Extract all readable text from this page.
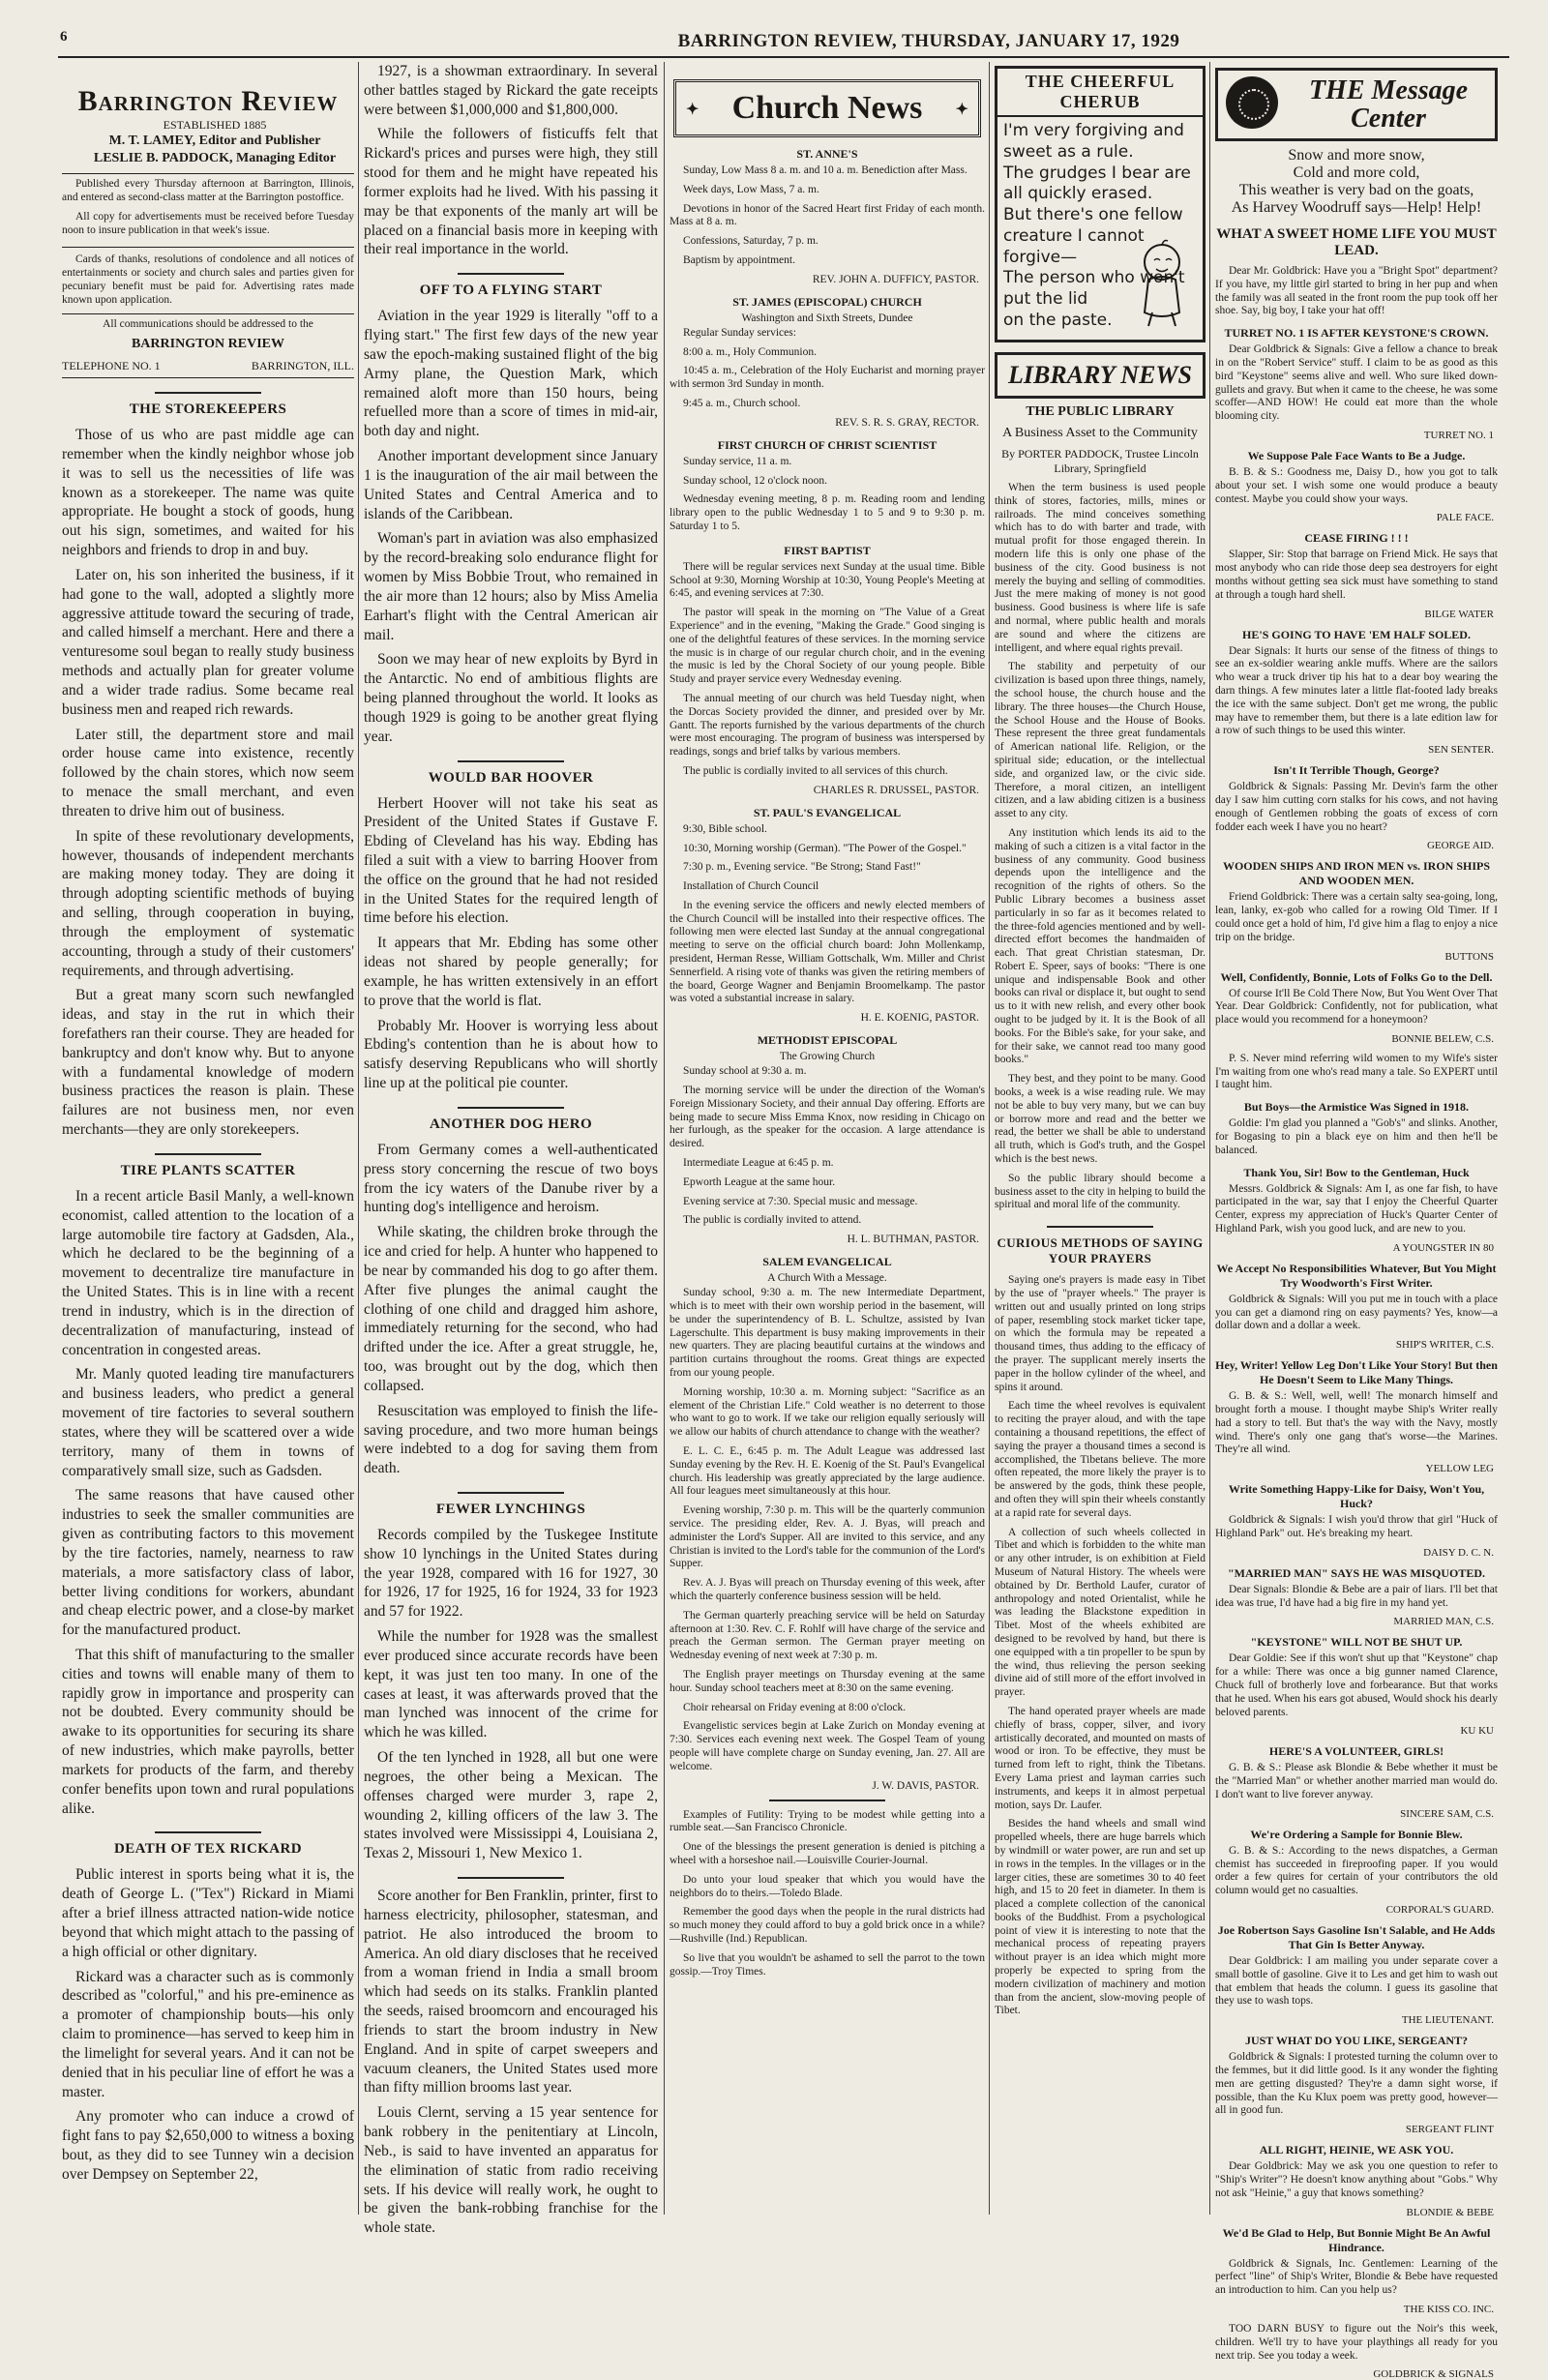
6	BARRINGTON REVIEW, THURSDAY, JANUARY 17, 1929
Barrington Review

ESTABLISHED 1885

M. T. LAMEY, Editor and Publisher

LESLIE B. PADDOCK, Managing Editor

Published every Thursday afternoon at Barrington, Illinois, and entered as second-class matter at the Barrington postoffice.

All copy for advertisements must be received before Tuesday noon to insure publication in that week's issue.

Cards of thanks, resolutions of condolence and all notices of entertainments or society and church sales and parties given for pecuniary benefit must be paid for. Advertising rates made known upon application.

All communications should be addressed to the

BARRINGTON REVIEW

TELEPHONE NO. 1	BARRINGTON, ILL.
THE STOREKEEPERS

Those of us who are past middle age can remember when the kindly neighbor whose job it was to sell us the necessities of life was known as a storekeeper. The name was quite appropriate. He bought a stock of goods, hung out his sign, sometimes, and waited for his neighbors and friends to drop in and buy.

Later on, his son inherited the business, if it had gone to the wall, adopted a slightly more aggressive attitude toward the securing of trade, and called himself a merchant. Here and there a venturesome soul began to really study business methods and actually plan for greater volume and a wider trade radius. Some became real business men and reaped rich rewards.

Later still, the department store and mail order house came into existence, recently followed by the chain stores, which now seem to menace the small merchant, and even threaten to drive him out of business.

In spite of these revolutionary developments, however, thousands of independent merchants are making money today. They are doing it through adopting scientific methods of buying and selling, through cooperation in buying, through the employment of systematic accounting, through a study of their customers' requirements, and through advertising.

But a great many scorn such newfangled ideas, and stay in the rut in which their forefathers ran their course. They are headed for bankruptcy and don't know why. But to anyone with a fundamental knowledge of modern business practices the reason is plain. These failures are not business men, nor even merchants—they are only storekeepers.

TIRE PLANTS SCATTER

In a recent article Basil Manly, a well-known economist, called attention to the location of a large automobile tire factory at Gadsden, Ala., which he declared to be the beginning of a movement to decentralize tire manufacture in the United States. This is in line with a recent trend in industry, which is in the direction of decentralization of manufacturing, instead of concentration in congested areas.

Mr. Manly quoted leading tire manufacturers and business leaders, who predict a general movement of tire factories to several southern states, where they will be scattered over a wide territory, many of them in towns of comparatively small size, such as Gadsden.

The same reasons that have caused other industries to seek the smaller communities are given as contributing factors to this movement by the tire factories, namely, nearness to raw materials, a more satisfactory class of labor, better living conditions for workers, abundant and cheap electric power, and a close-by market for the manufactured product.

That this shift of manufacturing to the smaller cities and towns will enable many of them to rapidly grow in importance and prosperity can not be doubted. Every community should be awake to its opportunities for securing its share of new industries, which make payrolls, better markets for products of the farm, and thereby confer benefits upon town and rural populations alike.

DEATH OF TEX RICKARD

Public interest in sports being what it is, the death of George L. ("Tex") Rickard in Miami after a brief illness attracted nation-wide notice beyond that which might attach to the passing of a high official or other dignitary.

Rickard was a character such as is commonly described as "colorful," and his pre-eminence as a promoter of championship bouts—his only claim to prominence—has served to keep him in the limelight for several years. And it can not be denied that in his peculiar line of effort he was a master.

Any promoter who can induce a crowd of fight fans to pay $2,650,000 to witness a boxing bout, as they did to see Tunney win a decision over Dempsey on September 22,

1927, is a showman extraordinary. In several other battles staged by Rickard the gate receipts were between $1,000,000 and $1,800,000.

While the followers of fisticuffs felt that Rickard's prices and purses were high, they still stood for them and he might have repeated his former exploits had he lived. With his passing it may be that exponents of the manly art will be placed on a financial basis more in keeping with their real importance in the world.

OFF TO A FLYING START

Aviation in the year 1929 is literally "off to a flying start." The first few days of the new year saw the epoch-making sustained flight of the big Army plane, the Question Mark, which remained aloft more than 150 hours, being refuelled more than a score of times in mid-air, both day and night.

Another important development since January 1 is the inauguration of the air mail between the United States and Central America and to islands of the Caribbean.

Woman's part in aviation was also emphasized by the record-breaking solo endurance flight for women by Miss Bobbie Trout, who remained in the air more than 12 hours; also by Miss Amelia Earhart's flight with the Central American air mail.

Soon we may hear of new exploits by Byrd in the Antarctic. No end of ambitious flights are being planned throughout the world. It looks as though 1929 is going to be another great flying year.

WOULD BAR HOOVER

Herbert Hoover will not take his seat as President of the United States if Gustave F. Ebding of Cleveland has his way. Ebding has filed a suit with a view to barring Hoover from the office on the ground that he had not resided in the United States for the required length of time before his election.

It appears that Mr. Ebding has some other ideas not shared by people generally; for example, he has written extensively in an effort to prove that the world is flat.

Probably Mr. Hoover is worrying less about Ebding's contention than he is about how to satisfy deserving Republicans who will shortly line up at the political pie counter.

ANOTHER DOG HERO

From Germany comes a well-authenticated press story concerning the rescue of two boys from the icy waters of the Danube river by a hunting dog's intelligence and heroism.

While skating, the children broke through the ice and cried for help. A hunter who happened to be near by commanded his dog to go after them. After five plunges the animal caught the clothing of one child and dragged him ashore, immediately returning for the second, who had drifted under the ice. After a great struggle, he, too, was brought out by the dog, which then collapsed.

Resuscitation was employed to finish the life-saving procedure, and two more human beings were indebted to a dog for saving them from death.

FEWER LYNCHINGS

Records compiled by the Tuskegee Institute show 10 lynchings in the United States during the year 1928, compared with 16 for 1927, 30 for 1926, 17 for 1925, 16 for 1924, 33 for 1923 and 57 for 1922.

While the number for 1928 was the smallest ever produced since accurate records have been kept, it was just ten too many. In one of the cases at least, it was afterwards proved that the man lynched was innocent of the crime for which he was killed.

Of the ten lynched in 1928, all but one were negroes, the other being a Mexican. The offenses charged were murder 3, rape 2, wounding 2, killing officers of the law 3. The states involved were Mississippi 4, Louisiana 2, Texas 2, Missouri 1, New Mexico 1.

Score another for Ben Franklin, printer, first to harness electricity, philosopher, statesman, and patriot. He also introduced the broom to America. An old diary discloses that he received from a woman friend in India a small broom which had seeds on its stalks. Franklin planted the seeds, raised broomcorn and encouraged his friends to start the broom industry in New England. And in spite of carpet sweepers and vacuum cleaners, the United States used more than fifty million brooms last year.

Louis Clernt, serving a 15 year sentence for bank robbery in the penitentiary at Lincoln, Neb., is said to have invented an apparatus for the elimination of static from radio receiving sets. If his device will really work, he ought to be given the bank-robbing franchise for the whole state.

✦ Church News ✦
ST. ANNE'S

Sunday, Low Mass 8 a. m. and 10 a. m. Benediction after Mass.

Week days, Low Mass, 7 a. m.

Devotions in honor of the Sacred Heart first Friday of each month. Mass at 8 a. m.

Confessions, Saturday, 7 p. m.

Baptism by appointment.

REV. JOHN A. DUFFICY, PASTOR.
ST. JAMES (EPISCOPAL) CHURCH
Washington and Sixth Streets, Dundee

Regular Sunday services:

8:00 a. m., Holy Communion.

10:45 a. m., Celebration of the Holy Eucharist and morning prayer with sermon 3rd Sunday in month.

9:45 a. m., Church school.

REV. S. R. S. GRAY, RECTOR.
FIRST CHURCH OF CHRIST SCIENTIST

Sunday service, 11 a. m.

Sunday school, 12 o'clock noon.

Wednesday evening meeting, 8 p. m. Reading room and lending library open to the public Wednesday 1 to 5 and 9 to 9:30 p. m. Saturday 1 to 5.

FIRST BAPTIST

There will be regular services next Sunday at the usual time. Bible School at 9:30, Morning Worship at 10:30, Young People's Meeting at 6:45, and evening services at 7:30.

The pastor will speak in the morning on "The Value of a Great Experience" and in the evening, "Making the Grade." Good singing is one of the delightful features of these services. In the morning service the music is in charge of our regular church choir, and in the evening the music is led by the Choral Society of our young people. Bible Study and prayer service every Wednesday evening.

The annual meeting of our church was held Tuesday night, when the Dorcas Society provided the dinner, and presided over by Mr. Gantt. The reports furnished by the various departments of the church were most encouraging. The program of business was interspersed by readings, songs and brief talks by various members.

The public is cordially invited to all services of this church.

CHARLES R. DRUSSEL, PASTOR.
ST. PAUL'S EVANGELICAL

9:30, Bible school.

10:30, Morning worship (German). "The Power of the Gospel."

7:30 p. m., Evening service. "Be Strong; Stand Fast!"

Installation of Church Council

In the evening service the officers and newly elected members of the Church Council will be installed into their respective offices. The following men were elected last Sunday at the annual congregational meeting to serve on the official church board: John Mollenkamp, president, Herman Resse, William Gottschalk, Wm. Miller and Christ Sennerfield. A rising vote of thanks was given the retiring members of the board, George Wagner and Benjamin Broomelkamp. The pastor was voted a substantial increase in salary.

H. E. KOENIG, PASTOR.
METHODIST EPISCOPAL
The Growing Church

Sunday school at 9:30 a. m.

The morning service will be under the direction of the Woman's Foreign Missionary Society, and their annual Day offering. Efforts are being made to secure Miss Emma Knox, now residing in Chicago on her furlough, as the speaker for the occasion. A large attendance is desired.

Intermediate League at 6:45 p. m.

Epworth League at the same hour.

Evening service at 7:30. Special music and message.

The public is cordially invited to attend.

H. L. BUTHMAN, PASTOR.
SALEM EVANGELICAL
A Church With a Message.

Sunday school, 9:30 a. m. The new Intermediate Department, which is to meet with their own worship period in the basement, will be under the superintendency of B. L. Schultze, assisted by Ivan Lagerschulte. This department is busy making improvements in their new quarters. They are placing beautiful curtains at the windows and partition curtains throughout the rooms. Great things are expected from our young people.

Morning worship, 10:30 a. m. Morning subject: "Sacrifice as an element of the Christian Life." Cold weather is no deterrent to those who want to go to work. If we take our religion equally seriously will we allow our habits of church attendance to change with the weather?

E. L. C. E., 6:45 p. m. The Adult League was addressed last Sunday evening by the Rev. H. E. Koenig of the St. Paul's Evangelical church. His leadership was greatly appreciated by the large audience. All four leagues meet simultaneously at this hour.

Evening worship, 7:30 p. m. This will be the quarterly communion service. The presiding elder, Rev. A. J. Byas, will preach and administer the Lord's Supper. All are invited to this service, and any Christian is invited to the Lord's table for the communion of the Lord's Supper.

Rev. A. J. Byas will preach on Thursday evening of this week, after which the quarterly conference business session will be held.

The German quarterly preaching service will be held on Saturday afternoon at 1:30. Rev. C. F. Rohlf will have charge of the service and preach the German sermon. The German prayer meeting on Wednesday evening of next week at 7:30 p. m.

The English prayer meetings on Thursday evening at the same hour. Sunday school teachers meet at 8:30 on the same evening.

Choir rehearsal on Friday evening at 8:00 o'clock.

Evangelistic services begin at Lake Zurich on Monday evening at 7:30. Services each evening next week. The Gospel Team of young people will have complete charge on Sunday evening, Jan. 27. All are welcome.

J. W. DAVIS, PASTOR.

Examples of Futility: Trying to be modest while getting into a rumble seat.—San Francisco Chronicle.

One of the blessings the present generation is denied is pitching a wheel with a horseshoe nail.—Louisville Courier-Journal.

Do unto your loud speaker that which you would have the neighbors do to theirs.—Toledo Blade.

Remember the good days when the people in the rural districts had so much money they could afford to buy a gold brick once in a while?—Rushville (Ind.) Republican.

So live that you wouldn't be ashamed to sell the parrot to the town gossip.—Troy Times.

THE CHEERFUL CHERUB
I'm very forgiving and
sweet as a rule.
The grudges I bear are
all quickly erased.
But there's one fellow
creature I cannot
forgive—
The person who won't
put the lid
on the paste.
LIBRARY NEWS
THE PUBLIC LIBRARY
A Business Asset to the Community
By PORTER PADDOCK, Trustee Lincoln Library, Springfield

When the term business is used people think of stores, factories, mills, mines or railroads. The mind conceives something which has to do with barter and trade, with mutual profit for those engaged therein. In modern life this is only one phase of the business of the city. Good business is not merely the buying and selling of commodities. Just the mere making of money is not good business. Good business is where life is safe and normal, where public health and morals are sound and where the citizens are intelligent, and where equal rights prevail.

The stability and perpetuity of our civilization is based upon three things, namely, the school house, the church house and the library. The three houses—the Church House, the School House and the House of Books. These represent the three great fundamentals of American national life. Religion, or the spiritual side; education, or the intellectual side, and organized law, or the civic side. Therefore, a moral citizen, an intelligent citizen, and a law abiding citizen is a business asset to any city.

Any institution which lends its aid to the making of such a citizen is a vital factor in the business of any community. Good business depends upon the intelligence and the recognition of the rights of others. So the Public Library becomes a business asset particularly in so far as it becomes related to the three-fold agencies mentioned and by well-directed effort becomes the handmaiden of each. That great Christian statesman, Dr. Robert E. Speer, says of books: "There is one unique and indispensable Book and other books can rival or displace it, but ought to send us to it with new relish, and every other book ought to be judged by it. It is the Book of all books. For the Bible's sake, for your sake, and for their sake, we cannot read too many good books."

They best, and they point to be many. Good books, a week is a wise reading rule. We may not be able to buy very many, but we can buy or borrow more and read and the better we read, the better we shall be able to understand all truth, which is God's truth, and the Gospel which is the best news.

So the public library should become a business asset to the city in helping to build the spiritual and moral life of the community.

CURIOUS METHODS OF SAYING YOUR PRAYERS

Saying one's prayers is made easy in Tibet by the use of "prayer wheels." The prayer is written out and usually printed on long strips of paper, resembling stock market ticker tape, on which the formula may be repeated a thousand times, thus adding to the efficacy of the prayer. The supplicant merely inserts the paper in the hollow cylinder of the wheel, and spins it around.

Each time the wheel revolves is equivalent to reciting the prayer aloud, and with the tape containing a thousand repetitions, the effect of saying the prayer a thousand times a second is accomplished, the Tibetans believe. The more often repeated, the more likely the prayer is to be answered by the gods, think these people, and often they will spin their wheels constantly at a rapid rate for several days.

A collection of such wheels collected in Tibet and which is forbidden to the white man or any other intruder, is on exhibition at Field Museum of Natural History. The wheels were obtained by Dr. Berthold Laufer, curator of anthropology and noted Orientalist, while he was leading the Blackstone expedition in Tibet. Most of the wheels exhibited are designed to be revolved by hand, but there is one equipped with a tin propeller to be spun by the wind, thus relieving the person seeking divine aid of still more of the effort involved in prayer.

The hand operated prayer wheels are made chiefly of brass, copper, silver, and ivory artistically decorated, and mounted on masts of wood or iron. To be effective, they must be turned from left to right, think the Tibetans. Every Lama priest and layman carries such instruments, and keeps it in almost perpetual motion, says Dr. Laufer.

Besides the hand wheels and small wind propelled wheels, there are huge barrels which by windmill or water power, are run and set up in rows in the temples. In the villages or in the larger cities, these are sometimes 30 to 40 feet high, and 15 to 20 feet in diameter. In them is placed a complete collection of the canonical books of the Buddhist. From a psychological point of view it is interesting to note that the mechanical process of repeating prayers without prayer is an idea which might more properly be expected to spring from the modern civilization of machinery and motion than from the ancient, slow-moving people of Tibet.

THE Message Center
Snow and more snow,
Cold and more cold,
This weather is very bad on the goats,
As Harvey Woodruff says—Help! Help!
WHAT A SWEET HOME LIFE YOU MUST LEAD.

Dear Mr. Goldbrick: Have you a "Bright Spot" department? If you have, my little girl started to bring in her pup and when the family was all seated in the front room the pup took off her shoe. Say, big boy, I take your hat off!

TURRET NO. 1 IS AFTER KEYSTONE'S CROWN.

Dear Goldbrick & Signals: Give a fellow a chance to break in on the "Robert Service" stuff. I claim to be as good as this bird "Keystone" seems alive and well. Who sure liked down-gullets and gravy. But when it came to the cheese, he was some scoffer—AND HOW! He could eat more than the whole blooming city.

TURRET NO. 1
We Suppose Pale Face Wants to Be a Judge.

B. B. & S.: Goodness me, Daisy D., how you got to talk about your set. I wish some one would produce a beauty contest. Maybe you could show your ways.

PALE FACE.
CEASE FIRING ! ! !

Slapper, Sir: Stop that barrage on Friend Mick. He says that most anybody who can ride those deep sea destroyers for eight months without getting sea sick must have something to stand at through a tough hard shell.

BILGE WATER
HE'S GOING TO HAVE 'EM HALF SOLED.

Dear Signals: It hurts our sense of the fitness of things to see an ex-soldier wearing ankle muffs. Where are the sailors who wear a truck driver tip his hat to a dear boy wearing the darn things. A few minutes later a little flat-footed lady breaks the ice with the same subject. Don't get me wrong, the public may have to remember them, but there is a late edition law for a row of such things to be used this winter.

SEN SENTER.
Isn't It Terrible Though, George?

Goldbrick & Signals: Passing Mr. Devin's farm the other day I saw him cutting corn stalks for his cows, and not having enough of Gentlemen robbing the goats of excess of corn fodder each week I have you no heart?

GEORGE AID.
WOODEN SHIPS AND IRON MEN vs. IRON SHIPS AND WOODEN MEN.

Friend Goldbrick: There was a certain salty sea-going, long, lean, lanky, ex-gob who called for a rowing Old Timer. If I could once get a hold of him, I'd give him a flag to enjoy a nice trip on the bridge.

BUTTONS
Well, Confidently, Bonnie, Lots of Folks Go to the Dell.

Of course It'll Be Cold There Now, But You Went Over That Year. Dear Goldbrick: Confidently, not for publication, what place would you recommend for a honeymoon?

BONNIE BELEW, C.S.

P. S. Never mind referring wild women to my Wife's sister I'm waiting from one who's read many a tale. So EXPERT until I taught him.

But Boys—the Armistice Was Signed in 1918.

Goldie: I'm glad you planned a "Gob's" and slinks. Another, for Bogasing to pin a black eye on him and then he'll be balanced.

Thank You, Sir! Bow to the Gentleman, Huck

Messrs. Goldbrick & Signals: Am I, as one far fish, to have participated in the war, say that I enjoy the Cheerful Quarter Center, express my appreciation of Huck's Quarter Center of Highland Park, wish you good luck, and are new to you.

A YOUNGSTER IN 80
We Accept No Responsibilities Whatever, But You Might Try Woodworth's First Writer.

Goldbrick & Signals: Will you put me in touch with a place you can get a diamond ring on easy payments? Yes, know—a dollar down and a dollar a week.

SHIP'S WRITER, C.S.
Hey, Writer! Yellow Leg Don't Like Your Story! But then He Doesn't Seem to Like Many Things.

G. B. & S.: Well, well, well! The monarch himself and brought forth a mouse. I thought maybe Ship's Writer really had a story to tell. But that's the way with the Navy, mostly wind. There's only one gang that's worse—the Marines. They're all wind.

YELLOW LEG
Write Something Happy-Like for Daisy, Won't You, Huck?

Goldbrick & Signals: I wish you'd throw that girl "Huck of Highland Park" out. He's breaking my heart.

DAISY D. C. N.
"MARRIED MAN" SAYS HE WAS MISQUOTED.

Dear Signals: Blondie & Bebe are a pair of liars. I'll bet that idea was true, I'd have had a big fire in my hand yet.

MARRIED MAN, C.S.
"KEYSTONE" WILL NOT BE SHUT UP.

Dear Goldie: See if this won't shut up that "Keystone" chap for a while: There was once a big gunner named Clarence, Chuck full of brotherly love and forbearance. But that works that he used. When his ears got abused, Would shock his dearly beloved parents.

KU KU
HERE'S A VOLUNTEER, GIRLS!

G. B. & S.: Please ask Blondie & Bebe whether it must be the "Married Man" or whether another married man would do. I don't want to live forever anyway.

SINCERE SAM, C.S.
We're Ordering a Sample for Bonnie Blew.

G. B. & S.: According to the news dispatches, a German chemist has succeeded in fireproofing paper. If you would order a few quires for certain of your contributors the old column would get no casualties.

CORPORAL'S GUARD.
Joe Robertson Says Gasoline Isn't Salable, and He Adds That Gin Is Better Anyway.

Dear Goldbrick: I am mailing you under separate cover a small bottle of gasoline. Give it to Les and get him to wash out that emblem that heads the column. I guess its gasoline that they use to wash tops.

THE LIEUTENANT.
JUST WHAT DO YOU LIKE, SERGEANT?

Goldbrick & Signals: I protested turning the column over to the femmes, but it did little good. Is it any wonder the fighting men are getting disgusted? They're a damn sight worse, if possible, than the Ku Klux poem was pretty good, however—all in good fun.

SERGEANT FLINT
ALL RIGHT, HEINIE, WE ASK YOU.

Dear Goldbrick: May we ask you one question to refer to "Ship's Writer"? He doesn't know anything about "Gobs." Why not ask "Heinie," a guy that knows something?

BLONDIE & BEBE
We'd Be Glad to Help, But Bonnie Might Be An Awful Hindrance.

Goldbrick & Signals, Inc. Gentlemen: Learning of the perfect "line" of Ship's Writer, Blondie & Bebe have requested an introduction to him. Can you help us?

THE KISS CO. INC.

TOO DARN BUSY to figure out the Noir's this week, children. We'll try to have your playthings all ready for you next trip. See you today a week.

GOLDBRICK & SIGNALS
